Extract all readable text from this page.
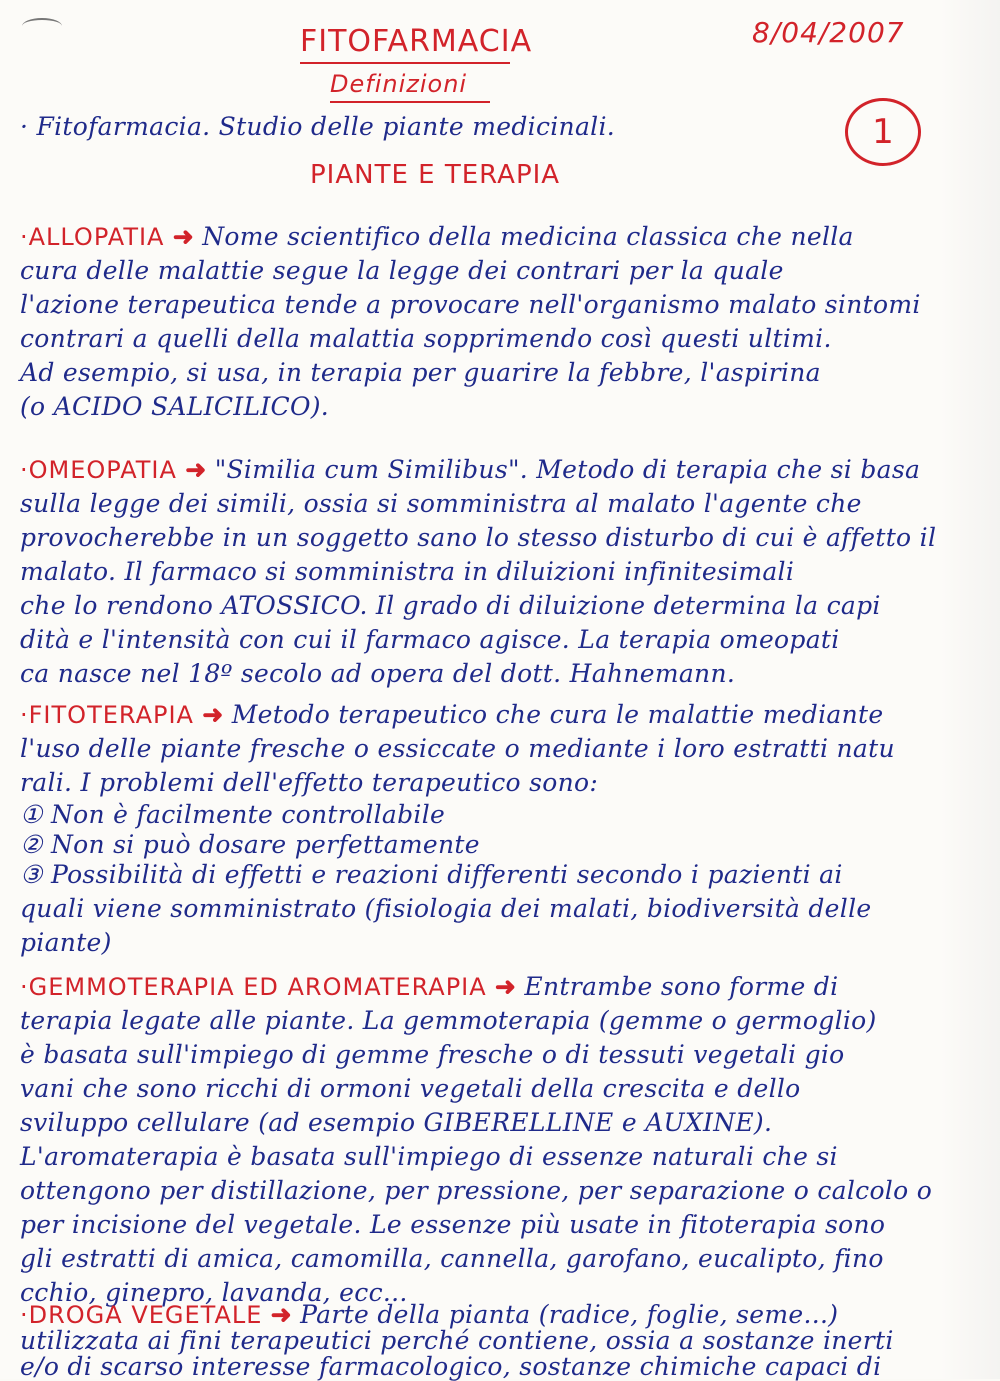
FITOFARMACIA
Definizioni
8/04/2007
1
· Fitofarmacia. Studio delle piante medicinali.
PIANTE E TERAPIA
·ALLOPATIA ➜ Nome scientifico della medicina classica che nella
cura delle malattie segue la legge dei contrari per la quale
l'azione terapeutica tende a provocare nell'organismo malato sintomi
contrari a quelli della malattia sopprimendo così questi ultimi.
Ad esempio, si usa, in terapia per guarire la febbre, l'aspirina
(o ACIDO SALICILICO).
·OMEOPATIA ➜ "Similia cum Similibus". Metodo di terapia che si basa
sulla legge dei simili, ossia si somministra al malato l'agente che
provocherebbe in un soggetto sano lo stesso disturbo di cui è affetto il
malato. Il farmaco si somministra in diluizioni infinitesimali
che lo rendono ATOSSICO. Il grado di diluizione determina la capi
dità e l'intensità con cui il farmaco agisce. La terapia omeopati
ca nasce nel 18º secolo ad opera del dott. Hahnemann.
·FITOTERAPIA ➜ Metodo terapeutico che cura le malattie mediante
l'uso delle piante fresche o essiccate o mediante i loro estratti natu
rali. I problemi dell'effetto terapeutico sono:
① Non è facilmente controllabile
② Non si può dosare perfettamente
③ Possibilità di effetti e reazioni differenti secondo i pazienti ai
quali viene somministrato (fisiologia dei malati, biodiversità delle
piante)
·GEMMOTERAPIA ED AROMATERAPIA ➜ Entrambe sono forme di
terapia legate alle piante. La gemmoterapia (gemme o germoglio)
è basata sull'impiego di gemme fresche o di tessuti vegetali gio
vani che sono ricchi di ormoni vegetali della crescita e dello
sviluppo cellulare (ad esempio GIBERELLINE e AUXINE).
L'aromaterapia è basata sull'impiego di essenze naturali che si
ottengono per distillazione, per pressione, per separazione o calcolo o
per incisione del vegetale. Le essenze più usate in fitoterapia sono
gli estratti di amica, camomilla, cannella, garofano, eucalipto, fino
cchio, ginepro, lavanda, ecc...
·DROGA VEGETALE ➜ Parte della pianta (radice, foglie, seme...)
utilizzata ai fini terapeutici perché contiene, ossia a sostanze inerti
e/o di scarso interesse farmacologico, sostanze chimiche capaci di
